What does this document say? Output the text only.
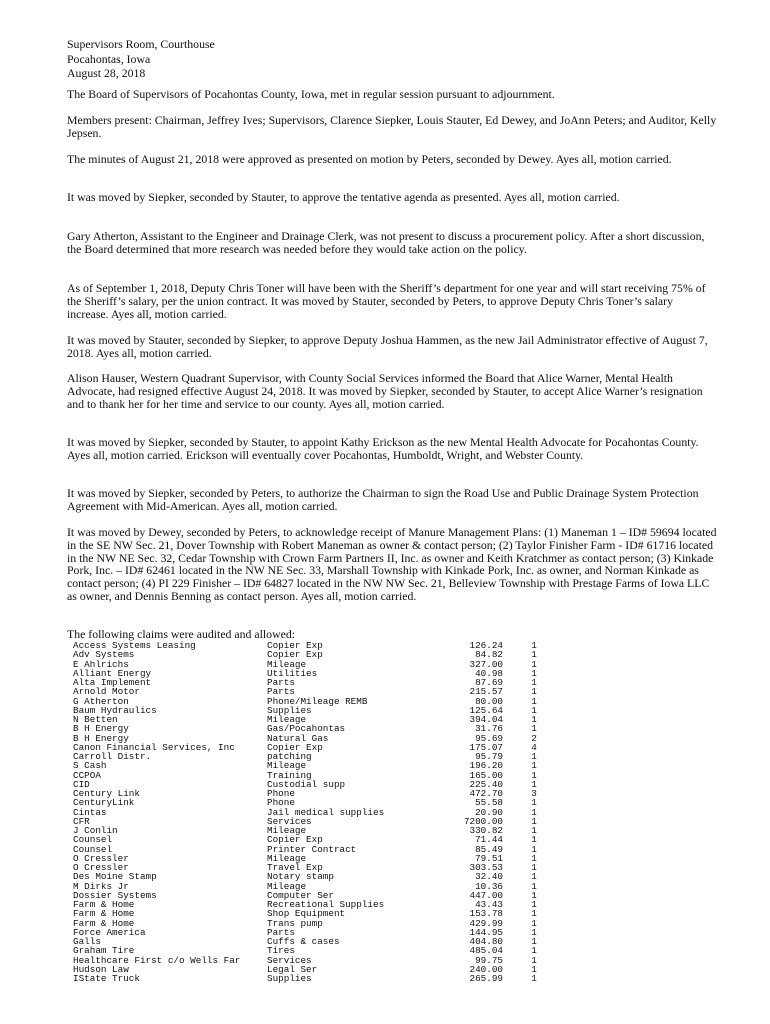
Supervisors Room, Courthouse
Pocahontas, Iowa
August 28, 2018
The Board of Supervisors of Pocahontas County, Iowa, met in regular session pursuant to adjournment.
Members present: Chairman, Jeffrey Ives; Supervisors, Clarence Siepker, Louis Stauter, Ed Dewey, and JoAnn Peters; and Auditor, Kelly Jepsen.
The minutes of August 21, 2018 were approved as presented on motion by Peters, seconded by Dewey. Ayes all, motion carried.
It was moved by Siepker, seconded by Stauter, to approve the tentative agenda as presented. Ayes all, motion carried.
Gary Atherton, Assistant to the Engineer and Drainage Clerk, was not present to discuss a procurement policy. After a short discussion, the Board determined that more research was needed before they would take action on the policy.
As of September 1, 2018, Deputy Chris Toner will have been with the Sheriff’s department for one year and will start receiving 75% of the Sheriff’s salary, per the union contract. It was moved by Stauter, seconded by Peters, to approve Deputy Chris Toner’s salary increase. Ayes all, motion carried.
It was moved by Stauter, seconded by Siepker, to approve Deputy Joshua Hammen, as the new Jail Administrator effective of August 7, 2018. Ayes all, motion carried.
Alison Hauser, Western Quadrant Supervisor, with County Social Services informed the Board that Alice Warner, Mental Health Advocate, had resigned effective August 24, 2018. It was moved by Siepker, seconded by Stauter, to accept Alice Warner’s resignation and to thank her for her time and service to our county. Ayes all, motion carried.
It was moved by Siepker, seconded by Stauter, to appoint Kathy Erickson as the new Mental Health Advocate for Pocahontas County. Ayes all, motion carried. Erickson will eventually cover Pocahontas, Humboldt, Wright, and Webster County.
It was moved by Siepker, seconded by Peters, to authorize the Chairman to sign the Road Use and Public Drainage System Protection Agreement with Mid-American. Ayes all, motion carried.
It was moved by Dewey, seconded by Peters, to acknowledge receipt of Manure Management Plans: (1) Maneman 1 – ID# 59694 located in the SE NW Sec. 21, Dover Township with Robert Maneman as owner & contact person; (2) Taylor Finisher Farm - ID# 61716 located in the NW NE Sec. 32, Cedar Township with Crown Farm Partners II, Inc. as owner and Keith Kratchmer as contact person; (3) Kinkade Pork, Inc. – ID# 62461 located in the NW NE Sec. 33, Marshall Township with Kinkade Pork, Inc. as owner, and Norman Kinkade as contact person; (4) PI 229 Finisher – ID# 64827 located in the NW NW Sec. 21, Belleview Township with Prestage Farms of Iowa LLC as owner, and Dennis Benning as contact person. Ayes all, motion carried.
The following claims were audited and allowed:
Access Systems Leasing	Copier Exp	126.24	1
Adv Systems	Copier Exp	84.82	1
E Ahlrichs	Mileage	327.00	1
Alliant Energy	Utilities	40.98	1
Alta Implement	Parts	87.69	1
Arnold Motor	Parts	215.57	1
G Atherton	Phone/Mileage REMB	80.00	1
Baum Hydraulics	Supplies	125.64	1
N Betten	Mileage	394.04	1
B H Energy	Gas/Pocahontas	31.76	1
B H Energy	Natural Gas	95.69	2
Canon Financial Services, Inc	Copier Exp	175.07	4
Carroll Distr.	patching	95.79	1
S Cash	Mileage	196.20	1
CCPOA	Training	165.00	1
CID	Custodial supp	225.40	1
Century Link	Phone	472.70	3
CenturyLink	Phone	55.58	1
Cintas	Jail medical supplies	20.90	1
CFR	Services	7200.00	1
J Conlin	Mileage	330.82	1
Counsel	Copier Exp	71.44	1
Counsel	Printer Contract	85.49	1
O Cressler	Mileage	79.51	1
O Cressler	Travel Exp	303.53	1
Des Moine Stamp	Notary stamp	32.40	1
M Dirks Jr	Mileage	10.36	1
Dossier Systems	Computer Ser	447.00	1
Farm & Home	Recreational Supplies	43.43	1
Farm & Home	Shop Equipment	153.78	1
Farm & Home	Trans pump	429.99	1
Force America	Parts	144.95	1
Galls	Cuffs & cases	404.80	1
Graham Tire	Tires	485.04	1
Healthcare First c/o Wells Far	Services	99.75	1
Hudson Law	Legal Ser	240.00	1
IState Truck	Supplies	265.99	1
